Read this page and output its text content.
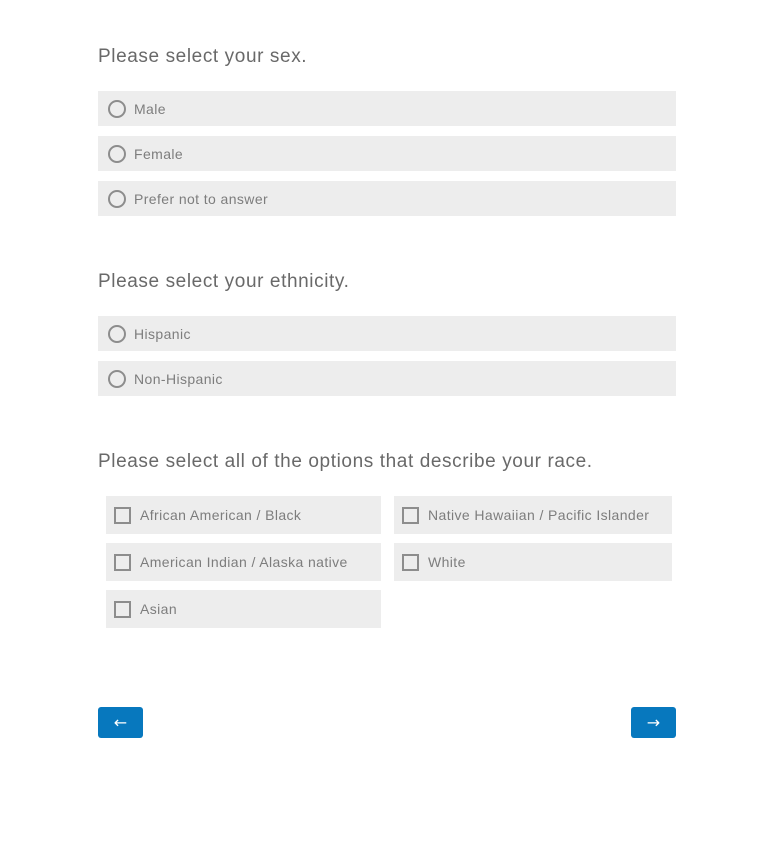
Please select your sex.
Male
Female
Prefer not to answer
Please select your ethnicity.
Hispanic
Non-Hispanic
Please select all of the options that describe your race.
African American / Black
American Indian / Alaska native
Asian
Native Hawaiian / Pacific Islander
White
←	→
